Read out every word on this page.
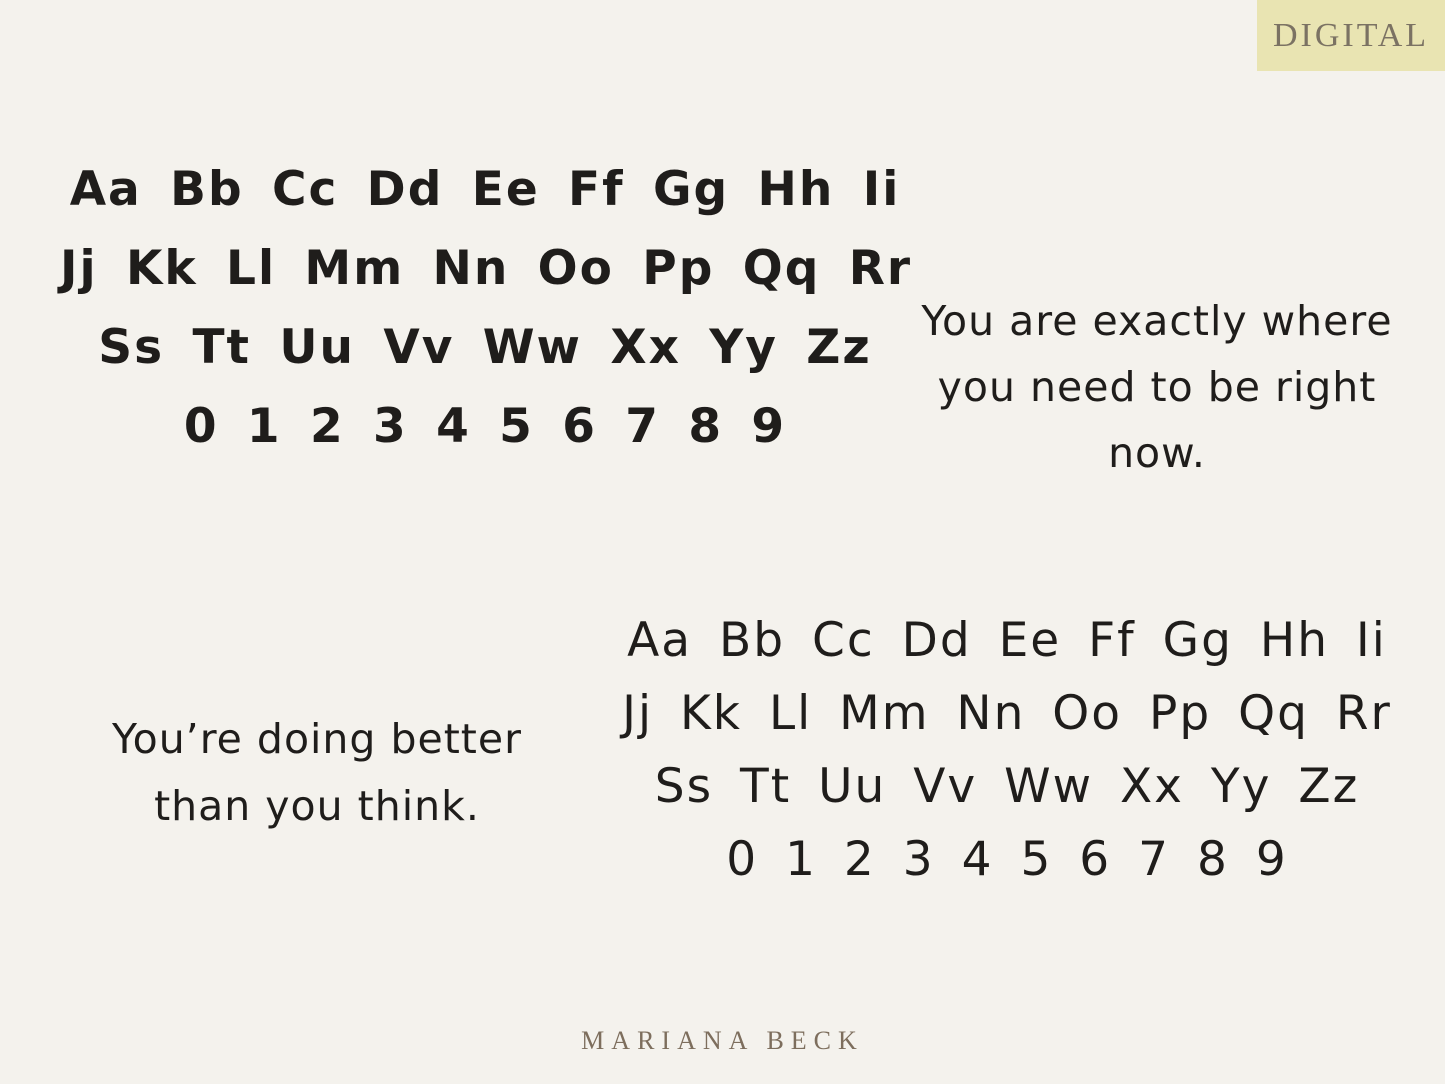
DIGITAL
Aa Bb Cc Dd Ee Ff Gg Hh Ii
Jj Kk Ll Mm Nn Oo Pp Qq Rr
Ss Tt Uu Vv Ww Xx Yy Zz
0 1 2 3 4 5 6 7 8 9
You are exactly where
you need to be right
now.
You’re doing better
than you think.
Aa Bb Cc Dd Ee Ff Gg Hh Ii
Jj Kk Ll Mm Nn Oo Pp Qq Rr
Ss Tt Uu Vv Ww Xx Yy Zz
0 1 2 3 4 5 6 7 8 9
MARIANA BECK
